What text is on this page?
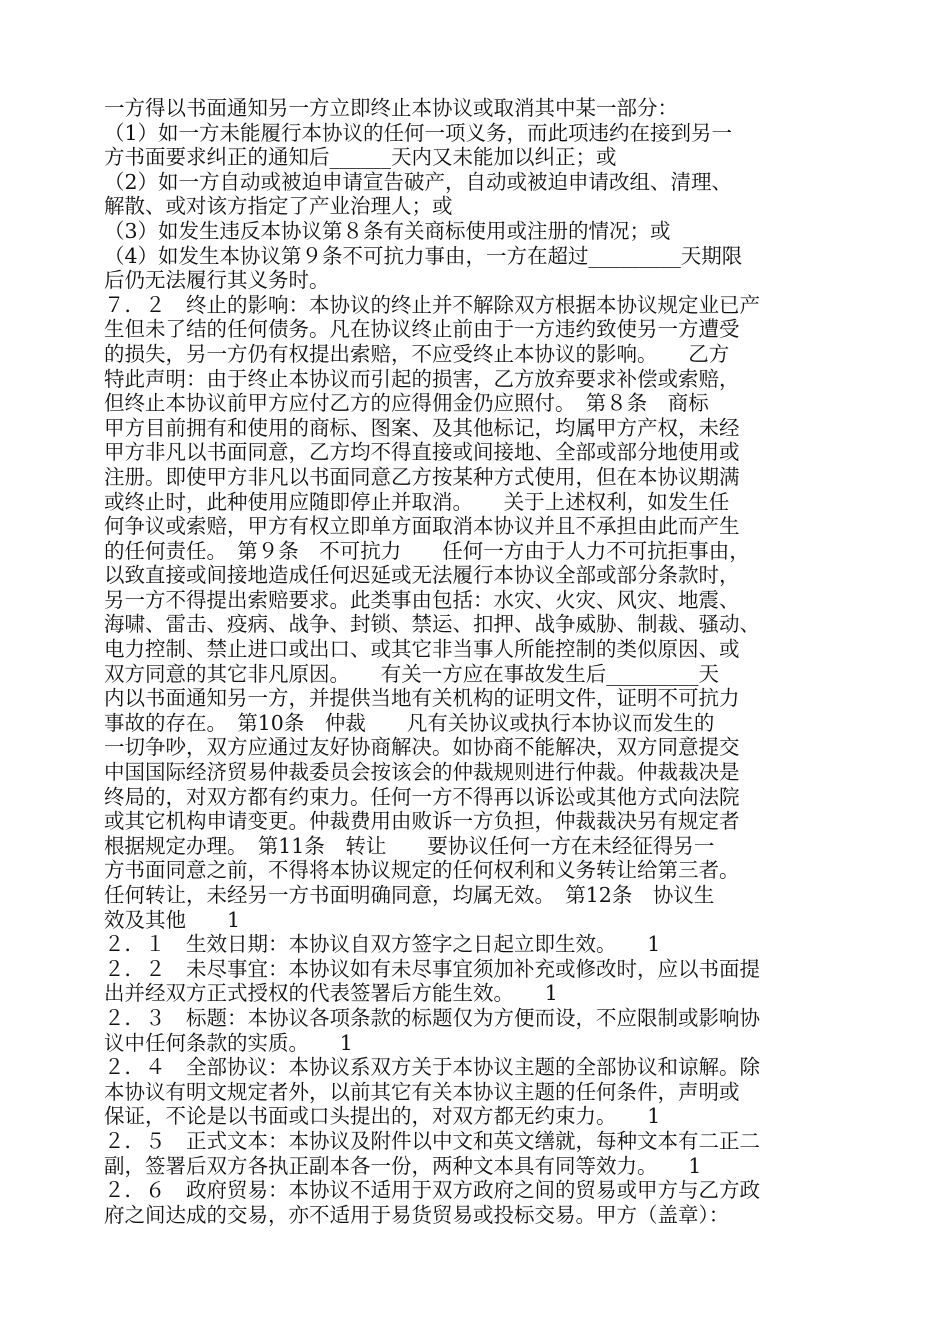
一方得以书面通知另一方立即终止本协议或取消其中某一部分：
（1）如一方未能履行本协议的任何一项义务，而此项违约在接到另一
方书面要求纠正的通知后______天内又未能加以纠正；或
（2）如一方自动或被迫申请宣告破产，自动或被迫申请改组、清理、
解散、或对该方指定了产业治理人；或
（3）如发生违反本协议第８条有关商标使用或注册的情况；或
（4）如发生本协议第９条不可抗力事由，一方在超过_________天期限
后仍无法履行其义务时。
７．２　终止的影响：本协议的终止并不解除双方根据本协议规定业已产
生但未了结的任何债务。凡在协议终止前由于一方违约致使另一方遭受
的损失，另一方仍有权提出索赔，不应受终止本协议的影响。　　乙方
特此声明：由于终止本协议而引起的损害，乙方放弃要求补偿或索赔，
但终止本协议前甲方应付乙方的应得佣金仍应照付。　第８条　商标
甲方目前拥有和使用的商标、图案、及其他标记，均属甲方产权，未经
甲方非凡以书面同意，乙方均不得直接或间接地、全部或部分地使用或
注册。即使甲方非凡以书面同意乙方按某种方式使用，但在本协议期满
或终止时，此种使用应随即停止并取消。　　关于上述权利，如发生任
何争议或索赔，甲方有权立即单方面取消本协议并且不承担由此而产生
的任何责任。　第９条　不可抗力　　任何一方由于人力不可抗拒事由，
以致直接或间接地造成任何迟延或无法履行本协议全部或部分条款时，
另一方不得提出索赔要求。此类事由包括：水灾、火灾、风灾、地震、
海啸、雷击、疫病、战争、封锁、禁运、扣押、战争威胁、制裁、骚动、
电力控制、禁止进口或出口、或其它非当事人所能控制的类似原因、或
双方同意的其它非凡原因。　　有关一方应在事故发生后_________天
内以书面通知另一方，并提供当地有关机构的证明文件，证明不可抗力
事故的存在。　第10条　仲裁　　凡有关协议或执行本协议而发生的
一切争吵，双方应通过友好协商解决。如协商不能解决，双方同意提交
中国国际经济贸易仲裁委员会按该会的仲裁规则进行仲裁。仲裁裁决是
终局的，对双方都有约束力。任何一方不得再以诉讼或其他方式向法院
或其它机构申请变更。仲裁费用由败诉一方负担，仲裁裁决另有规定者
根据规定办理。　第11条　转让　　要协议任何一方在未经征得另一
方书面同意之前，不得将本协议规定的任何权利和义务转让给第三者。
任何转让，未经另一方书面明确同意，均属无效。　第12条　协议生
效及其他　　1
２．１　生效日期：本协议自双方签字之日起立即生效。　　1
２．２　未尽事宜：本协议如有未尽事宜须加补充或修改时，应以书面提
出并经双方正式授权的代表签署后方能生效。　　1
２．３　标题：本协议各项条款的标题仅为方便而设，不应限制或影响协
议中任何条款的实质。　　1
２．４　全部协议：本协议系双方关于本协议主题的全部协议和谅解。除
本协议有明文规定者外，以前其它有关本协议主题的任何条件，声明或
保证，不论是以书面或口头提出的，对双方都无约束力。　　1
２．５　正式文本：本协议及附件以中文和英文缮就，每种文本有二正二
副，签署后双方各执正副本各一份，两种文本具有同等效力。　　1
２．６　政府贸易：本协议不适用于双方政府之间的贸易或甲方与乙方政
府之间达成的交易，亦不适用于易货贸易或投标交易。甲方（盖章）：
